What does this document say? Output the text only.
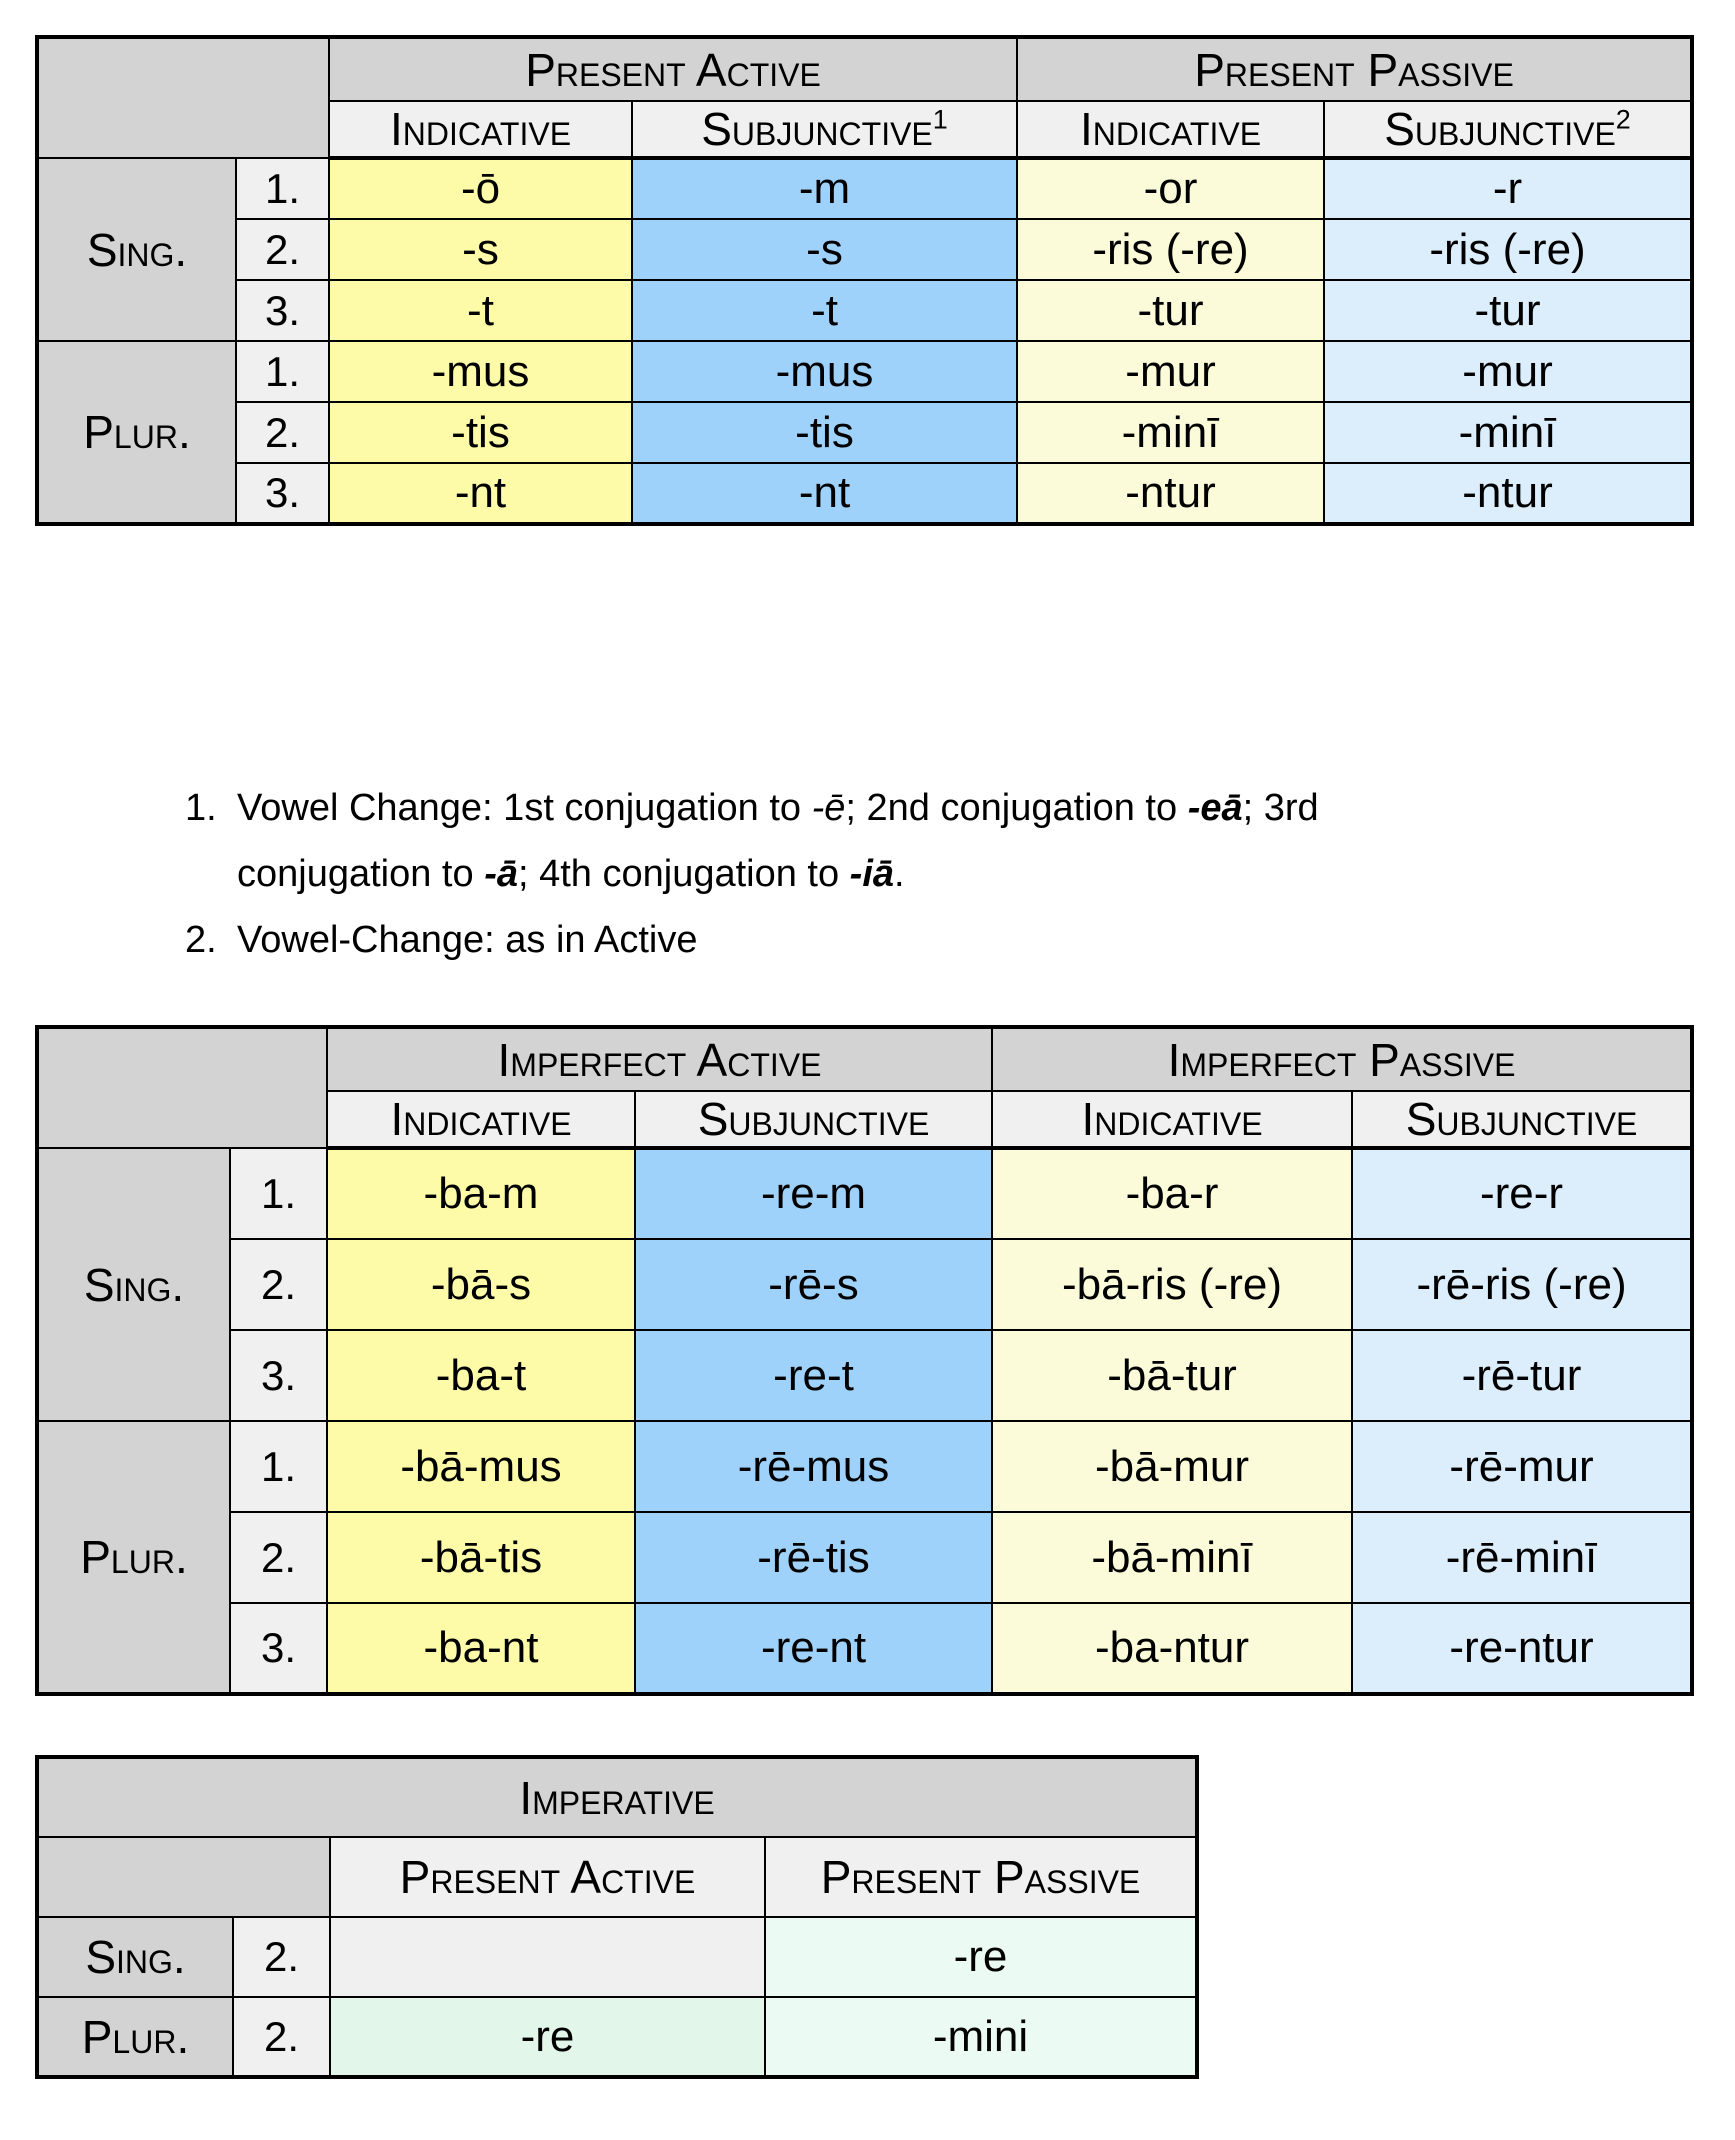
		Present Active		Present Passive	
		Indicative	Subjunctive$^1$	Indicative	Subjunctive$^2$
Sing.	1.	-ō	-m	-or	-r
	2.	-s	-s	-ris (-re)	-ris (-re)
	3.	-t	-t	-tur	-tur
Plur.	1.	-mus	-mus	-mur	-mur
	2.	-tis	-tis	-minī	-minī
	3.	-nt	-nt	-ntur	-ntur
1. Vowel Change: 1st conjugation to -ē; 2nd conjugation to -eā; 3rd
conjugation to -ā; 4th conjugation to -iā.
2. Vowel-Change: as in Active
		Imperfect Active		Imperfect Passive	
		Indicative	Subjunctive	Indicative	Subjunctive
Sing.	1.	-ba-m	-re-m	-ba-r	-re-r
	2.	-bā-s	-rē-s	-bā-ris (-re)	-rē-ris (-re)
	3.	-ba-t	-re-t	-bā-tur	-rē-tur
Plur.	1.	-bā-mus	-rē-mus	-bā-mur	-rē-mur
	2.	-bā-tis	-rē-tis	-bā-minī	-rē-minī
	3.	-ba-nt	-re-nt	-ba-ntur	-re-ntur
Imperative			
		Present Active	Present Passive
Sing.	2.		-re
Plur.	2.	-re	-mini
